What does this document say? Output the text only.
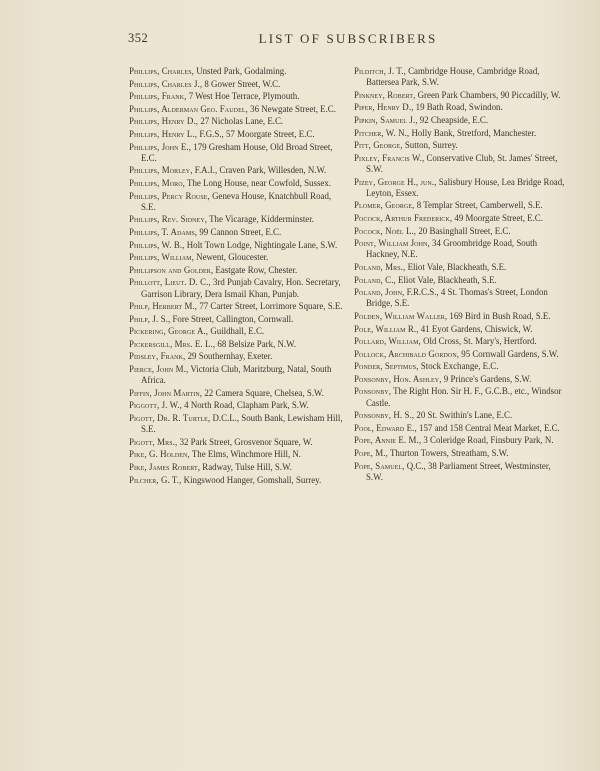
352	LIST OF SUBSCRIBERS
Phillips, Charles, Unsted Park, Godalming.
Phillips, Charles J., 8 Gower Street, W.C.
Phillips, Frank, 7 West Hoe Terrace, Plymouth.
Phillips, Alderman Geo. Faudel, 36 Newgate Street, E.C.
Phillips, Henry D., 27 Nicholas Lane, E.C.
Phillips, Henry L., F.G.S., 57 Moorgate Street, E.C.
Phillips, John E., 179 Gresham House, Old Broad Street, E.C.
Phillips, Morley, F.A.I., Craven Park, Willesden, N.W.
Phillips, Moro, The Long House, near Cowfold, Sussex.
Phillips, Percy Rouse, Geneva House, Knatchbull Road, S.E.
Phillips, Rev. Sidney, The Vicarage, Kidderminster.
Phillips, T. Adams, 99 Cannon Street, E.C.
Phillips, W. B., Holt Town Lodge, Nightingale Lane, S.W.
Phillips, William, Newent, Gloucester.
Phillipson and Golder, Eastgate Row, Chester.
Phillott, Lieut. D. C., 3rd Punjab Cavalry, Hon. Secretary, Garrison Library, Dera Ismail Khan, Punjab.
Philp, Herbert M., 77 Carter Street, Lorrimore Square, S.E.
Philp, J. S., Fore Street, Callington, Cornwall.
Pickering, George A., Guildhall, E.C.
Pickersgill, Mrs. E. L., 68 Belsize Park, N.W.
Pidsley, Frank, 29 Southernhay, Exeter.
Pierce, John M., Victoria Club, Maritzburg, Natal, South Africa.
Piffin, John Martin, 22 Camera Square, Chelsea, S.W.
Piggott, J. W., 4 North Road, Clapham Park, S.W.
Pigott, Dr. R. Turtle, D.C.L., South Bank, Lewisham Hill, S.E.
Pigott, Mrs., 32 Park Street, Grosvenor Square, W.
Pike, G. Holden, The Elms, Winchmore Hill, N.
Pike, James Robert, Radway, Tulse Hill, S.W.
Pilcher, G. T., Kingswood Hanger, Gomshall, Surrey.
Pilditch, J. T., Cambridge House, Cambridge Road, Battersea Park, S.W.
Pinkney, Robert, Green Park Chambers, 90 Piccadilly, W.
Piper, Henry D., 19 Bath Road, Swindon.
Pipkin, Samuel J., 92 Cheapside, E.C.
Pitcher, W. N., Holly Bank, Stretford, Manchester.
Pitt, George, Sutton, Surrey.
Pixley, Francis W., Conservative Club, St. James' Street, S.W.
Pizey, George H., jun., Salisbury House, Lea Bridge Road, Leyton, Essex.
Plomer, George, 8 Templar Street, Camberwell, S.E.
Pocock, Arthur Frederick, 49 Moorgate Street, E.C.
Pocock, Noël L., 20 Basinghall Street, E.C.
Point, William John, 34 Groombridge Road, South Hackney, N.E.
Poland, Mrs., Eliot Vale, Blackheath, S.E.
Poland, C., Eliot Vale, Blackheath, S.E.
Poland, John, F.R.C.S., 4 St. Thomas's Street, London Bridge, S.E.
Polden, William Waller, 169 Bird in Bush Road, S.E.
Pole, William R., 41 Eyot Gardens, Chiswick, W.
Pollard, William, Old Cross, St. Mary's, Hertford.
Pollock, Archibald Gordon, 95 Cornwall Gardens, S.W.
Ponder, Septimus, Stock Exchange, E.C.
Ponsonby, Hon. Ashley, 9 Prince's Gardens, S.W.
Ponsonby, The Right Hon. Sir H. F., G.C.B., etc., Windsor Castle.
Ponsonby, H. S., 20 St. Swithin's Lane, E.C.
Pool, Edward E., 157 and 158 Central Meat Market, E.C.
Pope, Annie E. M., 3 Coleridge Road, Finsbury Park, N.
Pope, M., Thurton Towers, Streatham, S.W.
Pope, Samuel, Q.C., 38 Parliament Street, Westminster, S.W.
